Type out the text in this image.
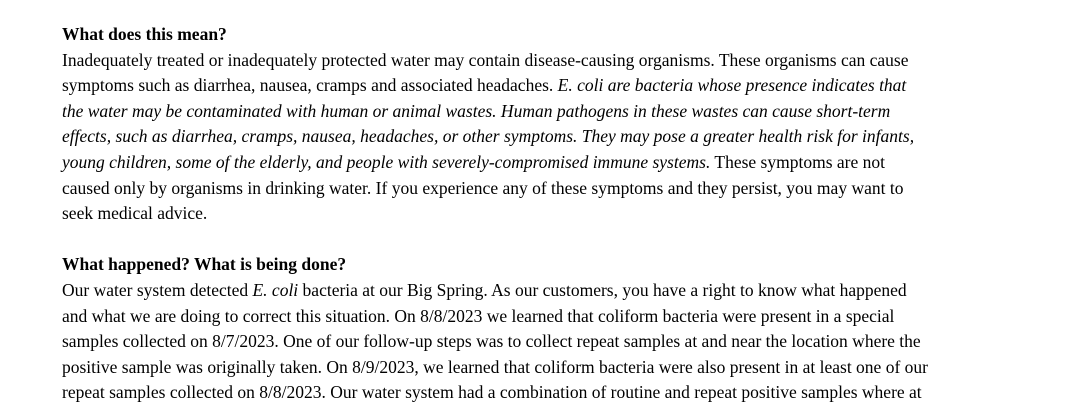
What does this mean?

Inadequately treated or inadequately protected water may contain disease-causing organisms. These organisms can cause
symptoms such as diarrhea, nausea, cramps and associated headaches. E. coli are bacteria whose presence indicates that
the water may be contaminated with human or animal wastes. Human pathogens in these wastes can cause short-term
effects, such as diarrhea, cramps, nausea, headaches, or other symptoms. They may pose a greater health risk for infants,
young children, some of the elderly, and people with severely-compromised immune systems. These symptoms are not
caused only by organisms in drinking water. If you experience any of these symptoms and they persist, you may want to
seek medical advice.

What happened? What is being done?

Our water system detected E. coli bacteria at our Big Spring. As our customers, you have a right to know what happened
and what we are doing to correct this situation. On 8/8/2023 we learned that coliform bacteria were present in a special
samples collected on 8/7/2023. One of our follow-up steps was to collect repeat samples at and near the location where the
positive sample was originally taken. On 8/9/2023, we learned that coliform bacteria were also present in at least one of our
repeat samples collected on 8/8/2023. Our water system had a combination of routine and repeat positive samples where at
